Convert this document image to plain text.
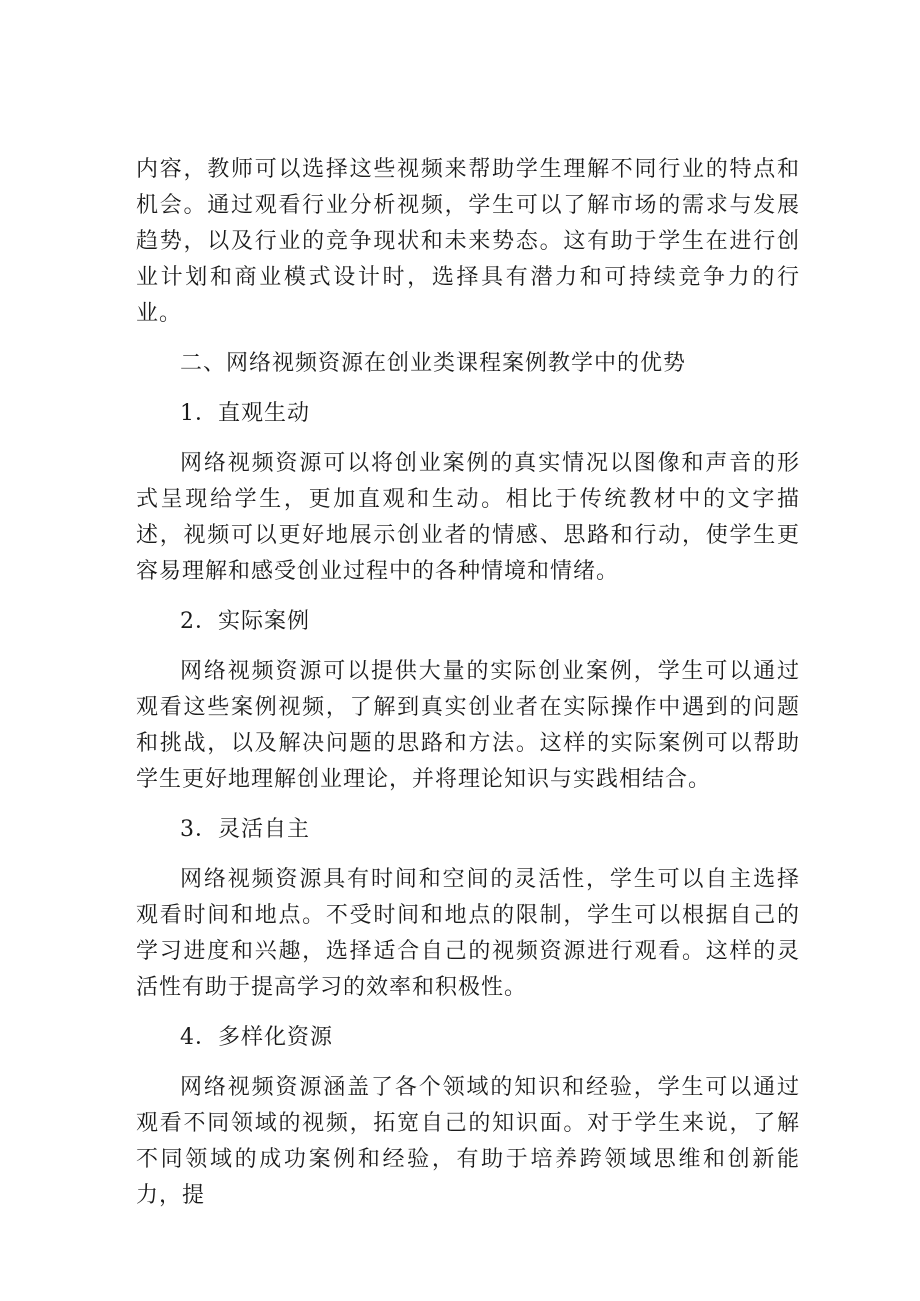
内容，教师可以选择这些视频来帮助学生理解不同行业的特点和机会。通过观看行业分析视频，学生可以了解市场的需求与发展趋势，以及行业的竞争现状和未来势态。这有助于学生在进行创业计划和商业模式设计时，选择具有潜力和可持续竞争力的行业。

二、网络视频资源在创业类课程案例教学中的优势

1．直观生动

网络视频资源可以将创业案例的真实情况以图像和声音的形式呈现给学生，更加直观和生动。相比于传统教材中的文字描述，视频可以更好地展示创业者的情感、思路和行动，使学生更容易理解和感受创业过程中的各种情境和情绪。

2．实际案例

网络视频资源可以提供大量的实际创业案例，学生可以通过观看这些案例视频，了解到真实创业者在实际操作中遇到的问题和挑战，以及解决问题的思路和方法。这样的实际案例可以帮助学生更好地理解创业理论，并将理论知识与实践相结合。

3．灵活自主

网络视频资源具有时间和空间的灵活性，学生可以自主选择观看时间和地点。不受时间和地点的限制，学生可以根据自己的学习进度和兴趣，选择适合自己的视频资源进行观看。这样的灵活性有助于提高学习的效率和积极性。

4．多样化资源

网络视频资源涵盖了各个领域的知识和经验，学生可以通过观看不同领域的视频，拓宽自己的知识面。对于学生来说，了解不同领域的成功案例和经验，有助于培养跨领域思维和创新能力，提
